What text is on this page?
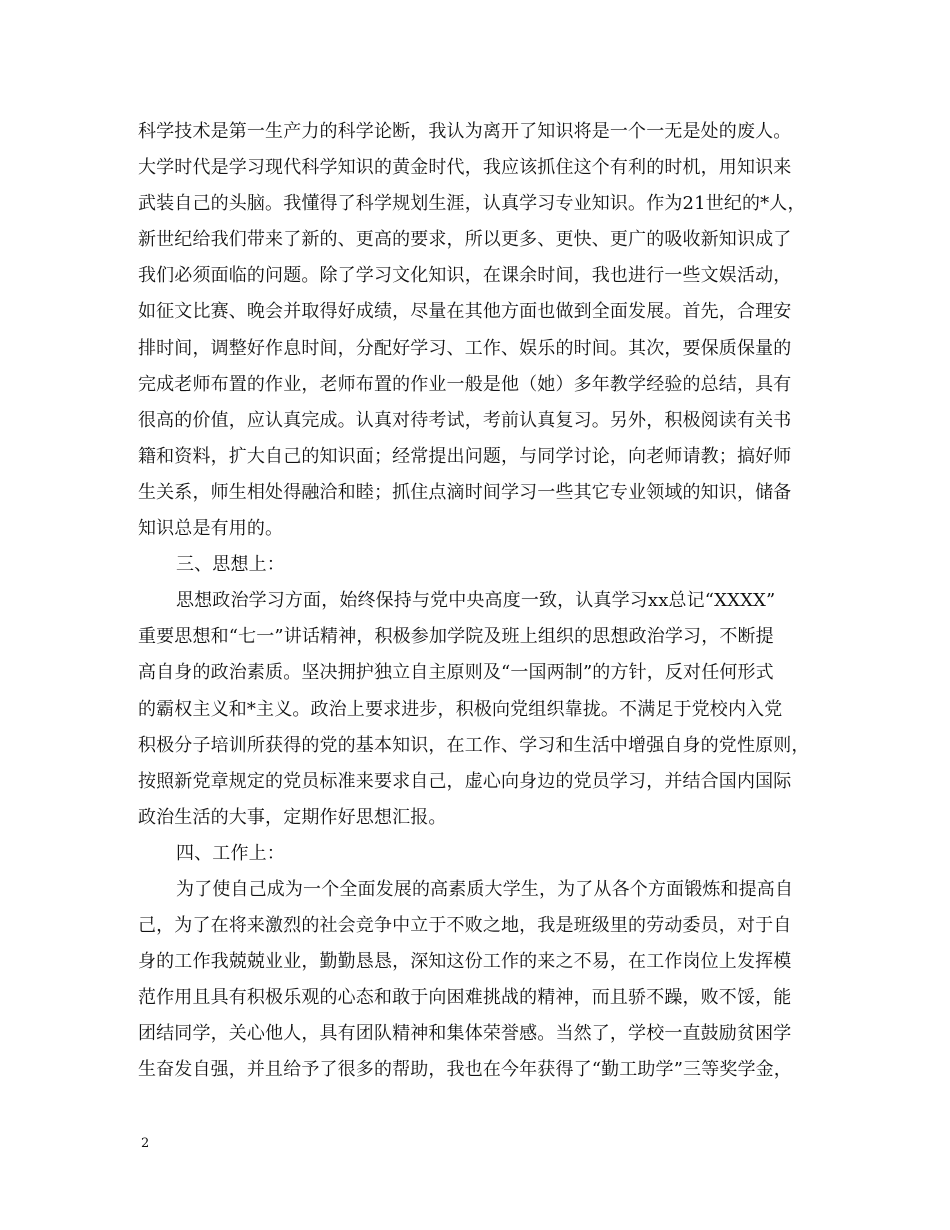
科学技术是第一生产力的科学论断，我认为离开了知识将是一个一无是处的废人。
大学时代是学习现代科学知识的黄金时代，我应该抓住这个有利的时机，用知识来
武装自己的头脑。我懂得了科学规划生涯，认真学习专业知识。作为21世纪的*人，
新世纪给我们带来了新的、更高的要求，所以更多、更快、更广的吸收新知识成了
我们必须面临的问题。除了学习文化知识，在课余时间，我也进行一些文娱活动，
如征文比赛、晚会并取得好成绩，尽量在其他方面也做到全面发展。首先，合理安
排时间，调整好作息时间，分配好学习、工作、娱乐的时间。其次，要保质保量的
完成老师布置的作业，老师布置的作业一般是他（她）多年教学经验的总结，具有
很高的价值，应认真完成。认真对待考试，考前认真复习。另外，积极阅读有关书
籍和资料，扩大自己的知识面；经常提出问题，与同学讨论，向老师请教；搞好师
生关系，师生相处得融洽和睦；抓住点滴时间学习一些其它专业领域的知识，储备
知识总是有用的。
三、思想上：
思想政治学习方面，始终保持与党中央高度一致，认真学习xx总记“XXXX”
重要思想和“七一”讲话精神，积极参加学院及班上组织的思想政治学习，不断提
高自身的政治素质。坚决拥护独立自主原则及“一国两制”的方针，反对任何形式
的霸权主义和*主义。政治上要求进步，积极向党组织靠拢。不满足于党校内入党
积极分子培训所获得的党的基本知识，在工作、学习和生活中增强自身的党性原则，
按照新党章规定的党员标准来要求自己，虚心向身边的党员学习，并结合国内国际
政治生活的大事，定期作好思想汇报。
四、工作上：
为了使自己成为一个全面发展的高素质大学生，为了从各个方面锻炼和提高自
己，为了在将来激烈的社会竞争中立于不败之地，我是班级里的劳动委员，对于自
身的工作我兢兢业业，勤勤恳恳，深知这份工作的来之不易，在工作岗位上发挥模
范作用且具有积极乐观的心态和敢于向困难挑战的精神，而且骄不躁，败不馁，能
团结同学，关心他人，具有团队精神和集体荣誉感。当然了，学校一直鼓励贫困学
生奋发自强，并且给予了很多的帮助，我也在今年获得了“勤工助学”三等奖学金，
2
